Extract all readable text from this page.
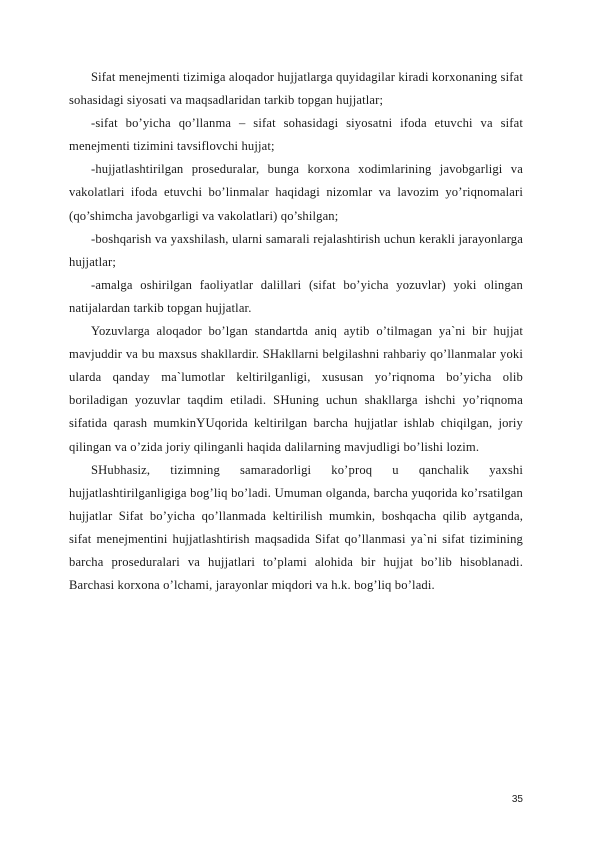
Sifat menejmenti tizimiga aloqador hujjatlarga quyidagilar kiradi korxonaning sifat sohasidagi siyosati va maqsadlaridan tarkib topgan hujjatlar;

-sifat bo’yicha qo’llanma – sifat sohasidagi siyosatni ifoda etuvchi va sifat menejmenti tizimini tavsiflovchi hujjat;

-hujjatlashtirilgan proseduralar, bunga korxona xodimlarining javobgarligi va vakolatlari ifoda etuvchi bo’linmalar haqidagi nizomlar va lavozim yo’riqnomalari (qo’shimcha javobgarligi va vakolatlari) qo’shilgan;

-boshqarish va yaxshilash, ularni samarali rejalashtirish uchun kerakli jarayonlarga hujjatlar;

-amalga oshirilgan faoliyatlar dalillari (sifat bo’yicha yozuvlar) yoki olingan natijalardan tarkib topgan hujjatlar.

Yozuvlarga aloqador bo’lgan standartda aniq aytib o’tilmagan ya`ni bir hujjat mavjuddir va bu maxsus shakllardir. SHakllarni belgilashni rahbariy qo’llanmalar yoki ularda qanday ma`lumotlar keltirilganligi, xususan yo’riqnoma bo’yicha olib boriladigan yozuvlar taqdim etiladi. SHuning uchun shakllarga ishchi yo’riqnoma sifatida qarash mumkinYUqorida keltirilgan barcha hujjatlar ishlab chiqilgan, joriy qilingan va o’zida joriy qilinganli haqida dalilarning mavjudligi bo’lishi lozim.

SHubhasiz, tizimning samaradorligi ko’proq u qanchalik yaxshi hujjatlashtirilganligiga bog’liq bo’ladi. Umuman olganda, barcha yuqorida ko’rsatilgan hujjatlar Sifat bo’yicha qo’llanmada keltirilish mumkin, boshqacha qilib aytganda, sifat menejmentini hujjatlashtirish maqsadida Sifat qo’llanmasi ya`ni sifat tizimining barcha proseduralari va hujjatlari to’plami alohida bir hujjat bo’lib hisoblanadi. Barchasi korxona o’lchami, jarayonlar miqdori va h.k. bog’liq bo’ladi.

35
